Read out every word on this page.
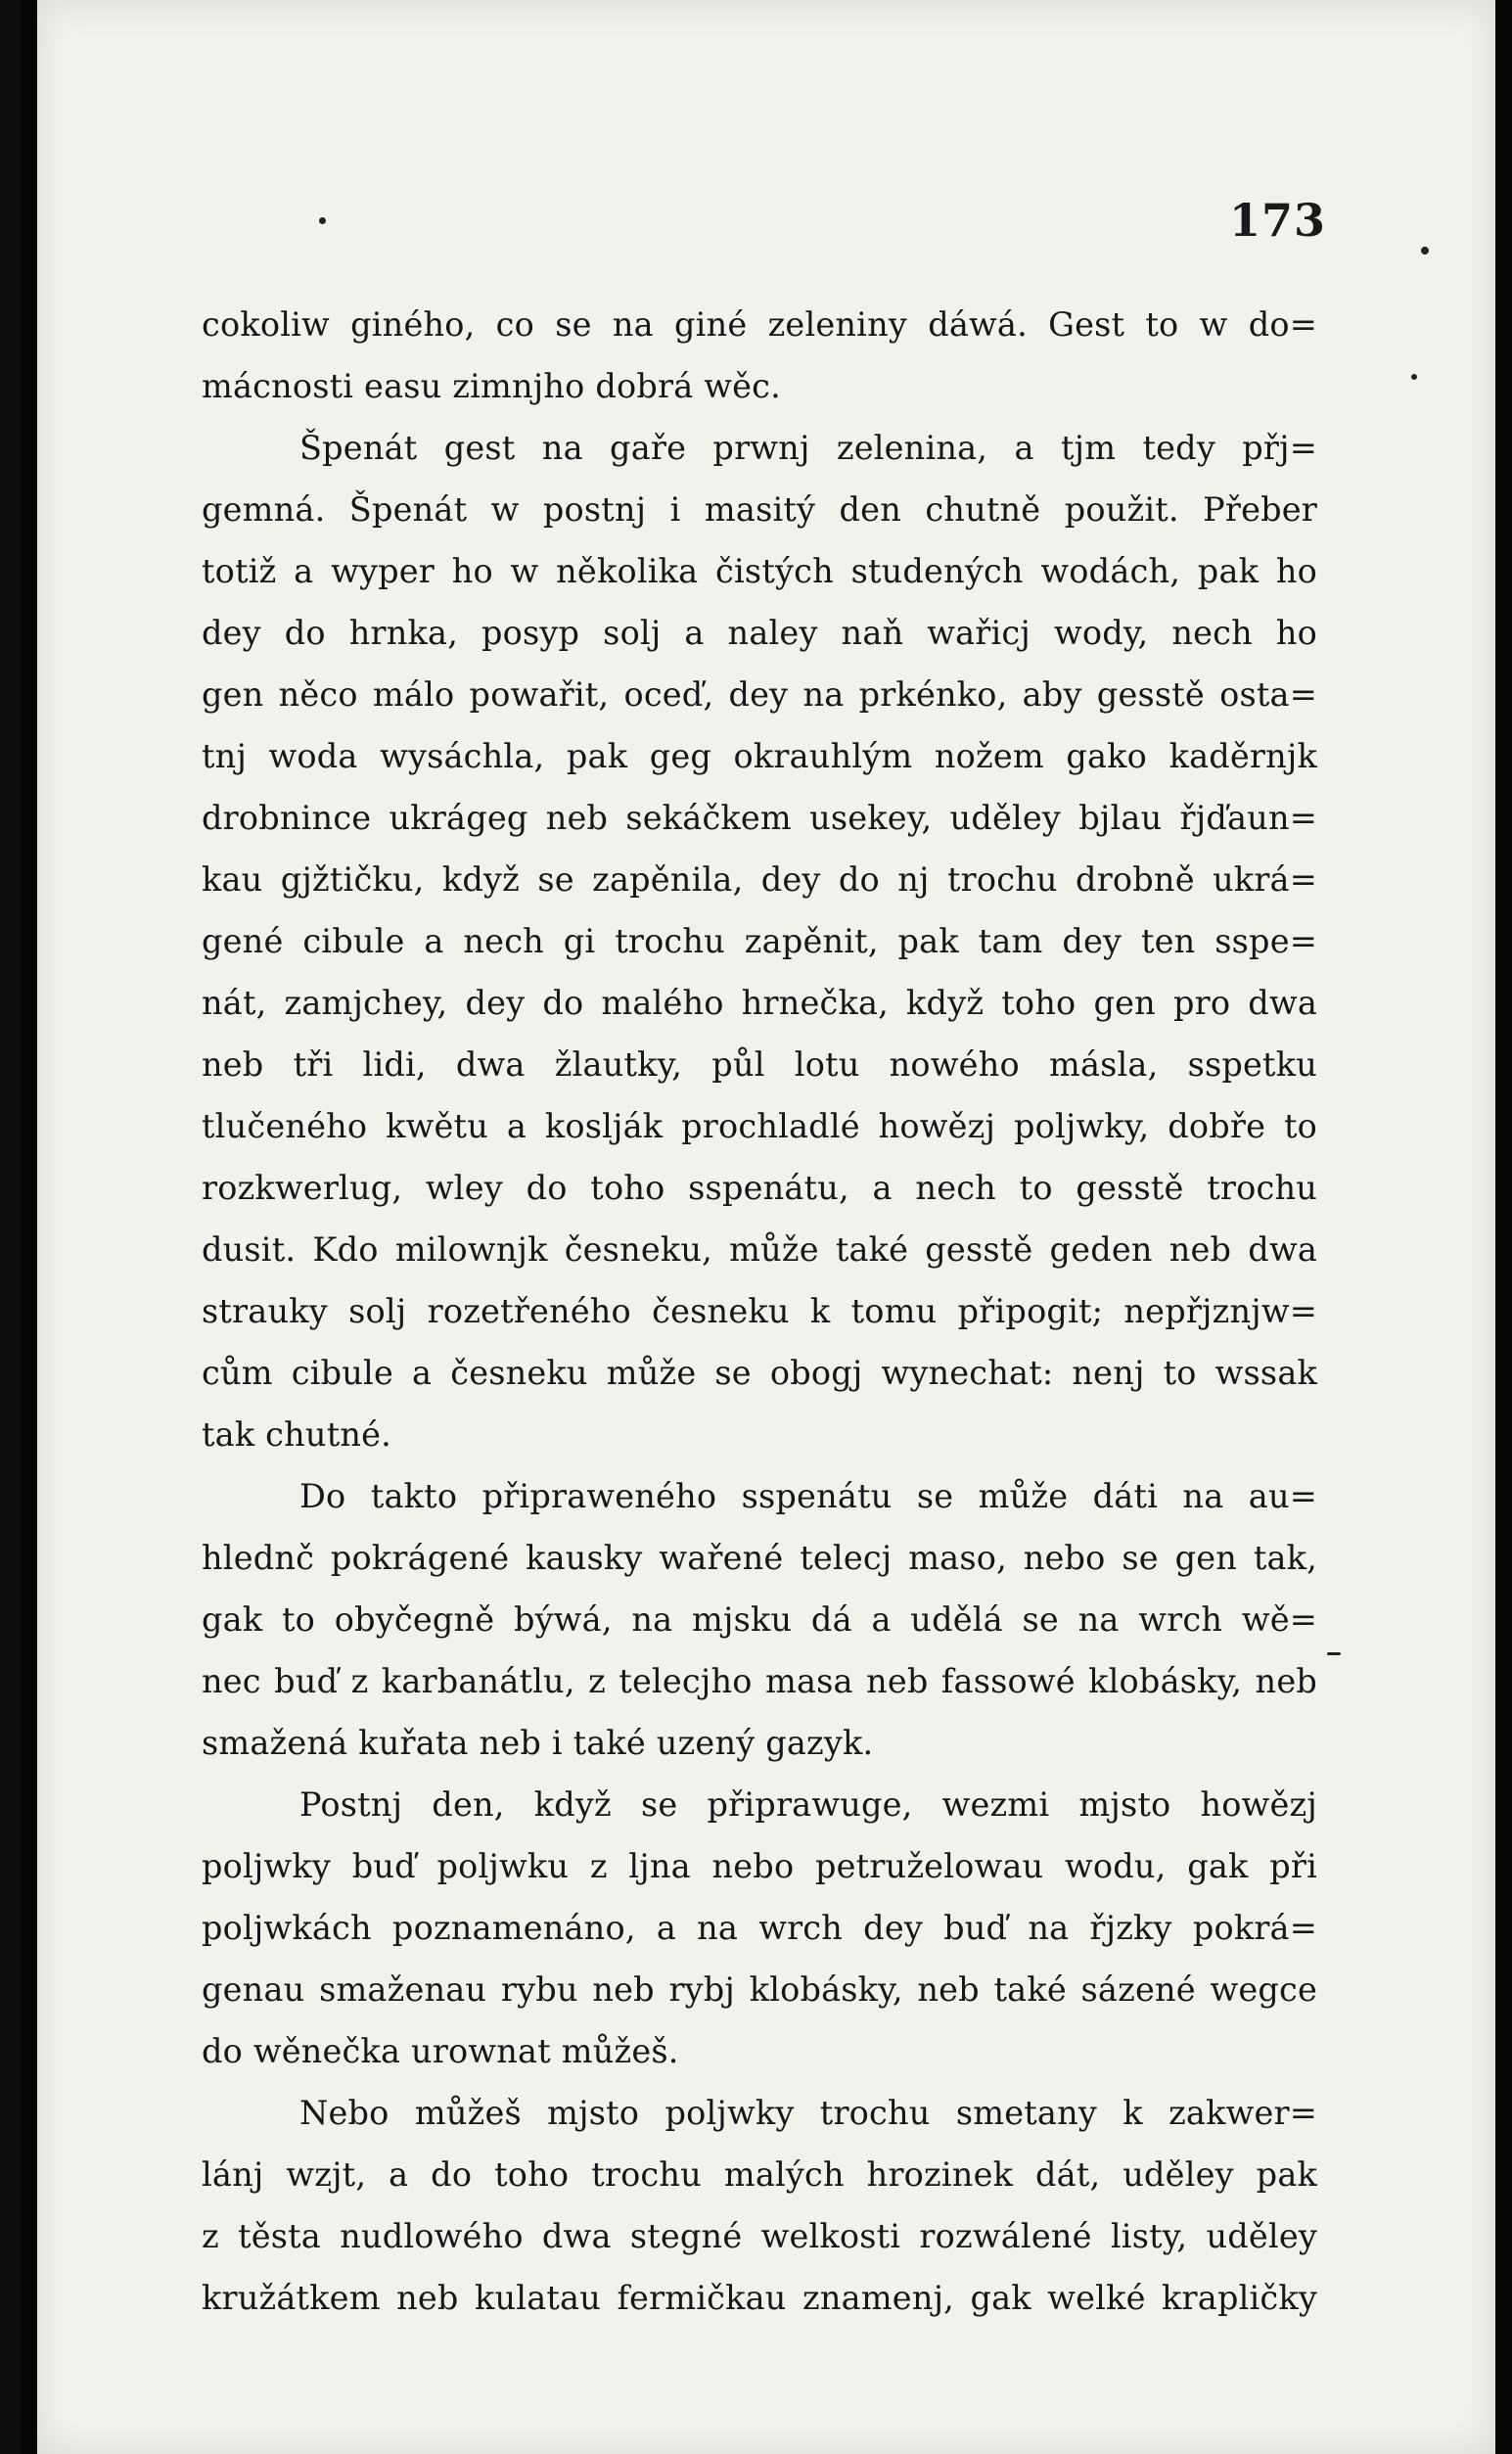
173
cokoliw giného, co se na giné zeleniny dáwá. Gest to w do=
mácnosti easu zimnjho dobrá wěc.
Špenát gest na gaře prwnj zelenina, a tjm tedy přj=
gemná. Špenát w postnj i masitý den chutně použit. Přeber
totiž a wyper ho w několika čistých studených wodách, pak ho
dey do hrnka, posyp solj a naley naň wařicj wody, nech ho
gen něco málo powařit, oceď, dey na prkénko, aby gesstě osta=
tnj woda wysáchla, pak geg okrauhlým nožem gako kaděrnjk
drobnince ukrágeg neb sekáčkem usekey, uděley bjlau řjďaun=
kau gjžtičku, když se zapěnila, dey do nj trochu drobně ukrá=
gené cibule a nech gi trochu zapěnit, pak tam dey ten sspe=
nát, zamjchey, dey do malého hrnečka, když toho gen pro dwa
neb tři lidi, dwa žlautky, půl lotu nowého másla, sspetku
tlučeného kwětu a koslják prochladlé howězj poljwky, dobře to
rozkwerlug, wley do toho sspenátu, a nech to gesstě trochu
dusit. Kdo milownjk česneku, může také gesstě geden neb dwa
strauky solj rozetřeného česneku k tomu připogit; nepřjznjw=
cům cibule a česneku může se obogj wynechat: nenj to wssak
tak chutné.
Do takto připraweného sspenátu se může dáti na au=
hlednč pokrágené kausky wařené telecj maso, nebo se gen tak,
gak to obyčegně býwá, na mjsku dá a udělá se na wrch wě=
nec buď z karbanátlu, z telecjho masa neb fassowé klobásky, neb
smažená kuřata neb i také uzený gazyk.
Postnj den, když se připrawuge, wezmi mjsto howězj
poljwky buď poljwku z ljna nebo petruželowau wodu, gak při
poljwkách poznamenáno, a na wrch dey buď na řjzky pokrá=
genau smaženau rybu neb rybj klobásky, neb také sázené wegce
do wěnečka urownat můžeš.
Nebo můžeš mjsto poljwky trochu smetany k zakwer=
lánj wzjt, a do toho trochu malých hrozinek dát, uděley pak
z těsta nudlowého dwa stegné welkosti rozwálené listy, uděley
kružátkem neb kulatau fermičkau znamenj, gak welké krapličky
